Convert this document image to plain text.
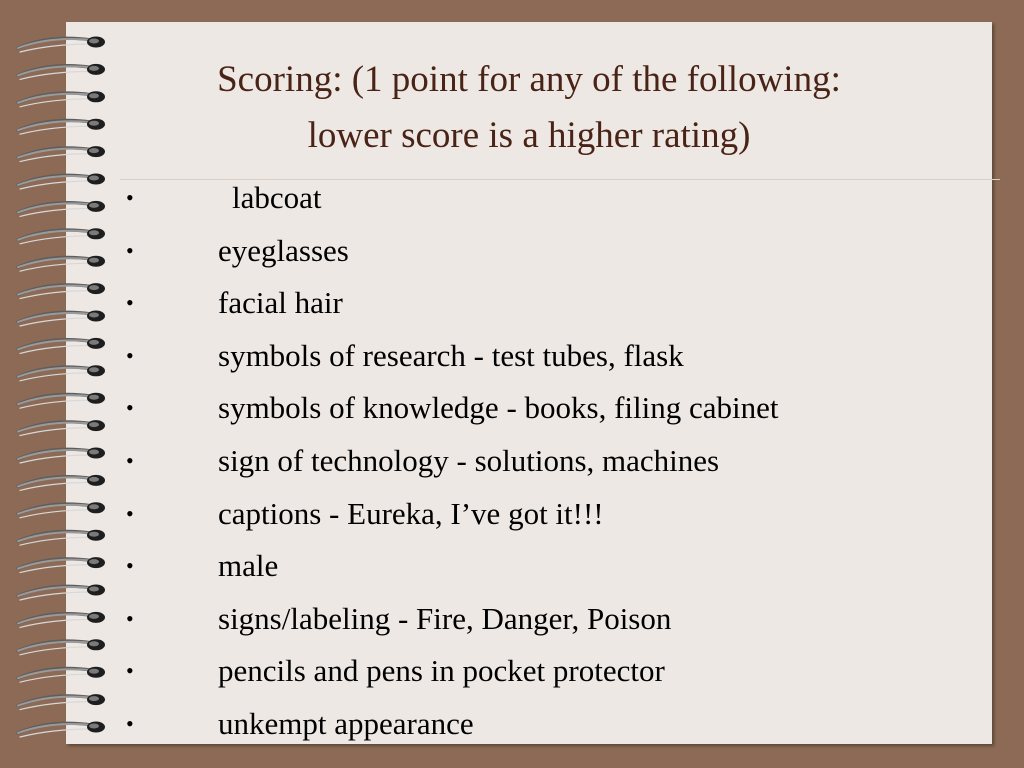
Scoring: (1 point for any of the following:
lower score is a higher rating)
•	labcoat
•	eyeglasses
•	facial hair
•	symbols of research - test tubes, flask
•	symbols of knowledge - books, filing cabinet
•	sign of technology - solutions, machines
•	captions - Eureka, I’ve got it!!!
•	male
•	signs/labeling - Fire, Danger, Poison
•	pencils and pens in pocket protector
•	unkempt appearance
